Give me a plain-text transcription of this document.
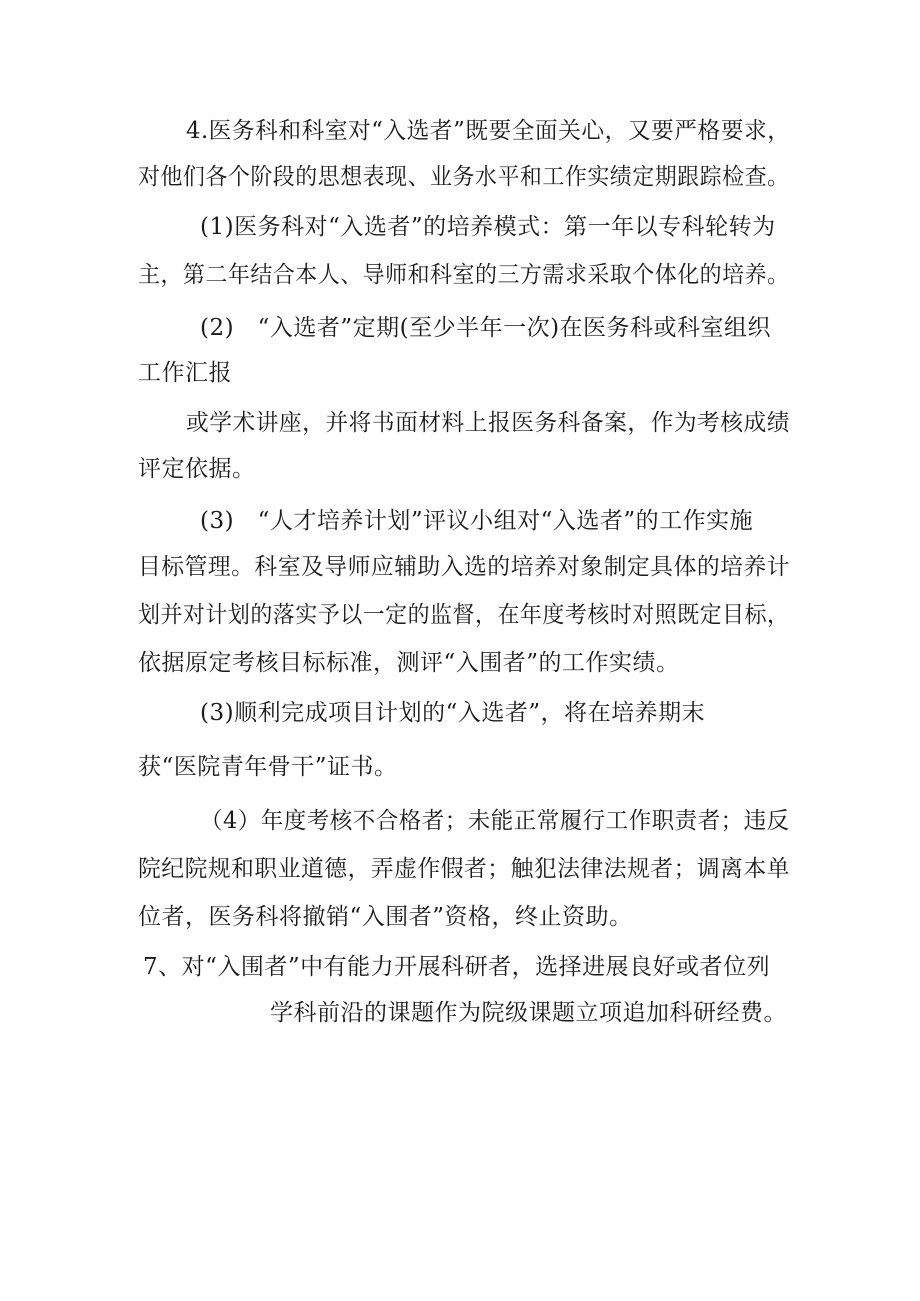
4.医务科和科室对“入选者”既要全面关心，又要严格要求，
对他们各个阶段的思想表现、业务水平和工作实绩定期跟踪检查。
(1)医务科对“入选者”的培养模式：第一年以专科轮转为
主，第二年结合本人、导师和科室的三方需求采取个体化的培养。
(2)　“入选者”定期(至少半年一次)在医务科或科室组织
工作汇报
或学术讲座，并将书面材料上报医务科备案，作为考核成绩
评定依据。
(3)　“人才培养计划”评议小组对“入选者”的工作实施
目标管理。科室及导师应辅助入选的培养对象制定具体的培养计
划并对计划的落实予以一定的监督，在年度考核时对照既定目标，
依据原定考核目标标准，测评“入围者”的工作实绩。
(3)顺利完成项目计划的“入选者”，将在培养期末
获“医院青年骨干”证书。
（4）年度考核不合格者；未能正常履行工作职责者；违反
院纪院规和职业道德，弄虚作假者；触犯法律法规者；调离本单
位者，医务科将撤销“入围者”资格，终止资助。
7、对“入围者”中有能力开展科研者，选择进展良好或者位列
学科前沿的课题作为院级课题立项追加科研经费。
